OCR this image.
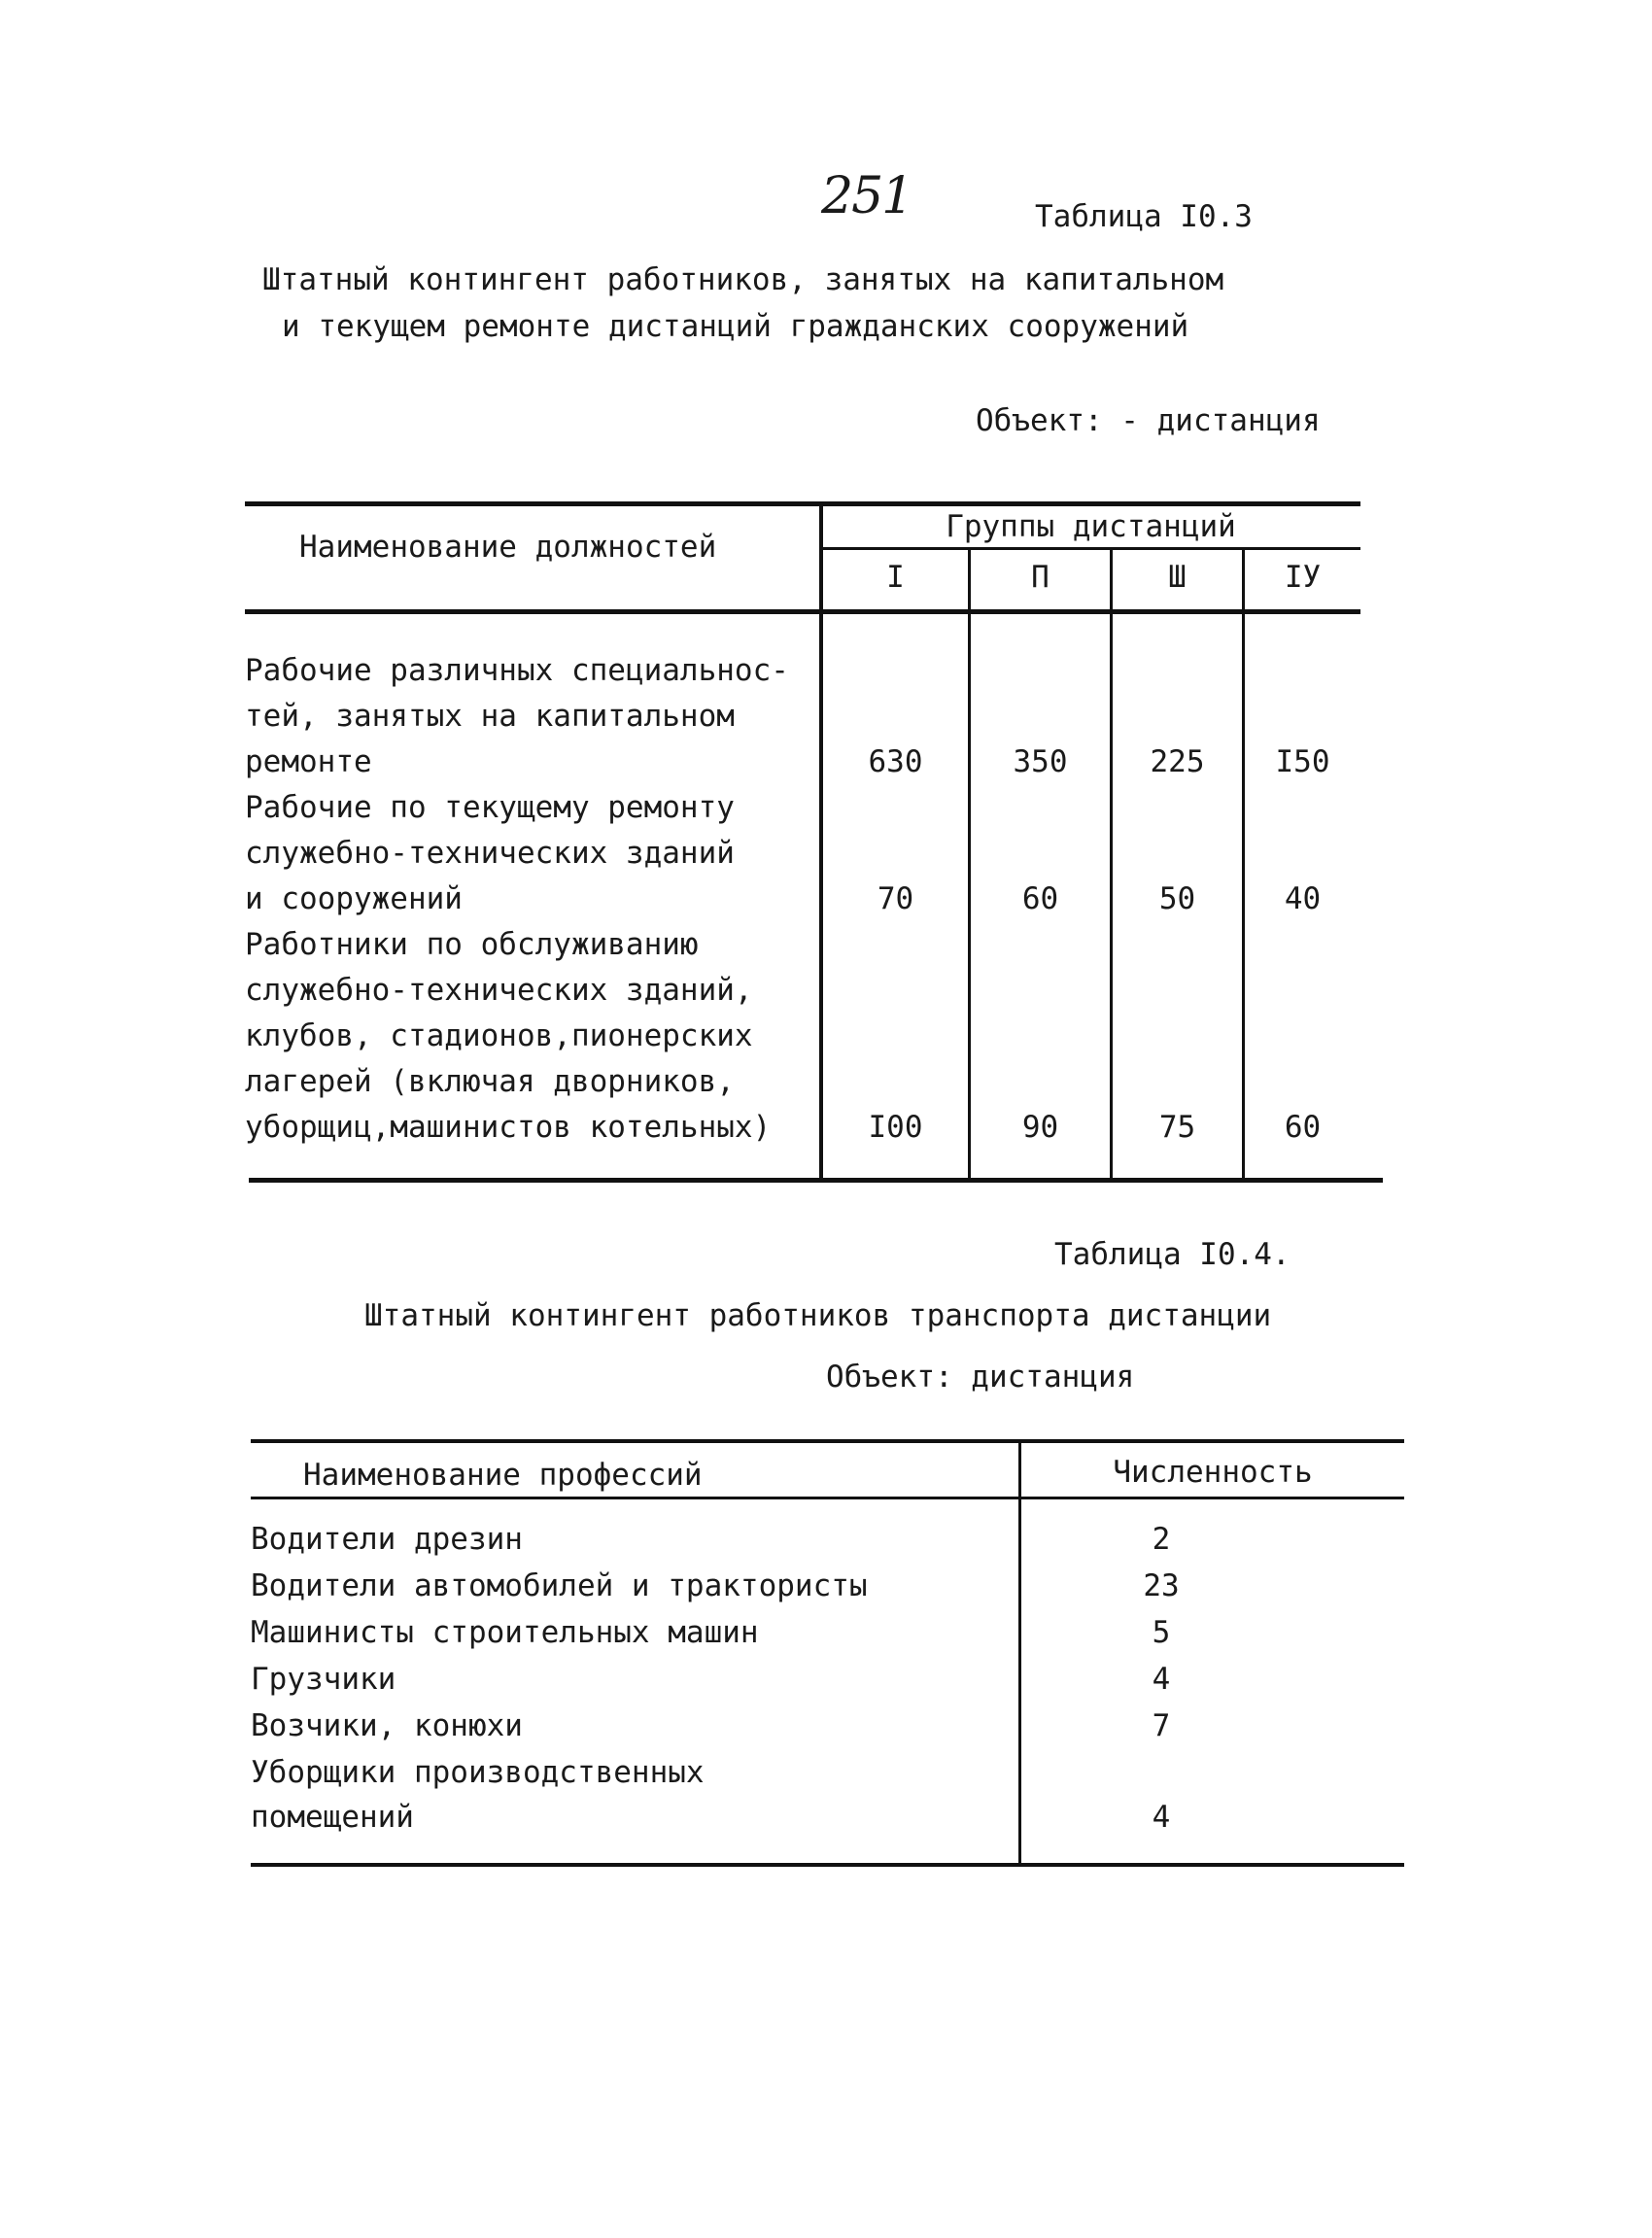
251	Таблица I0.3
Штатный контингент работников, занятых на капитальном
и текущем ремонте дистанций гражданских сооружений
Объект: - дистанция
Наименование должностей
Группы дистанций
I	П	Ш	IУ
Рабочие различных специальнос-
тей, занятых на капитальном
ремонте	630	350	225	I50
Рабочие по текущему ремонту
служебно-технических зданий
и сооружений	70	60	50	40
Работники по обслуживанию
служебно-технических зданий,
клубов, стадионов,пионерских
лагерей (включая дворников,
уборщиц,машинистов котельных)	I00	90	75	60
Таблица I0.4.
Штатный контингент работников транспорта дистанции
Объект: дистанция
Наименование профессий	Численность
Водители дрезин	2
Водители автомобилей и трактористы	23
Машинисты строительных машин	5
Грузчики	4
Возчики, конюхи	7
Уборщики производственных
помещений	4
